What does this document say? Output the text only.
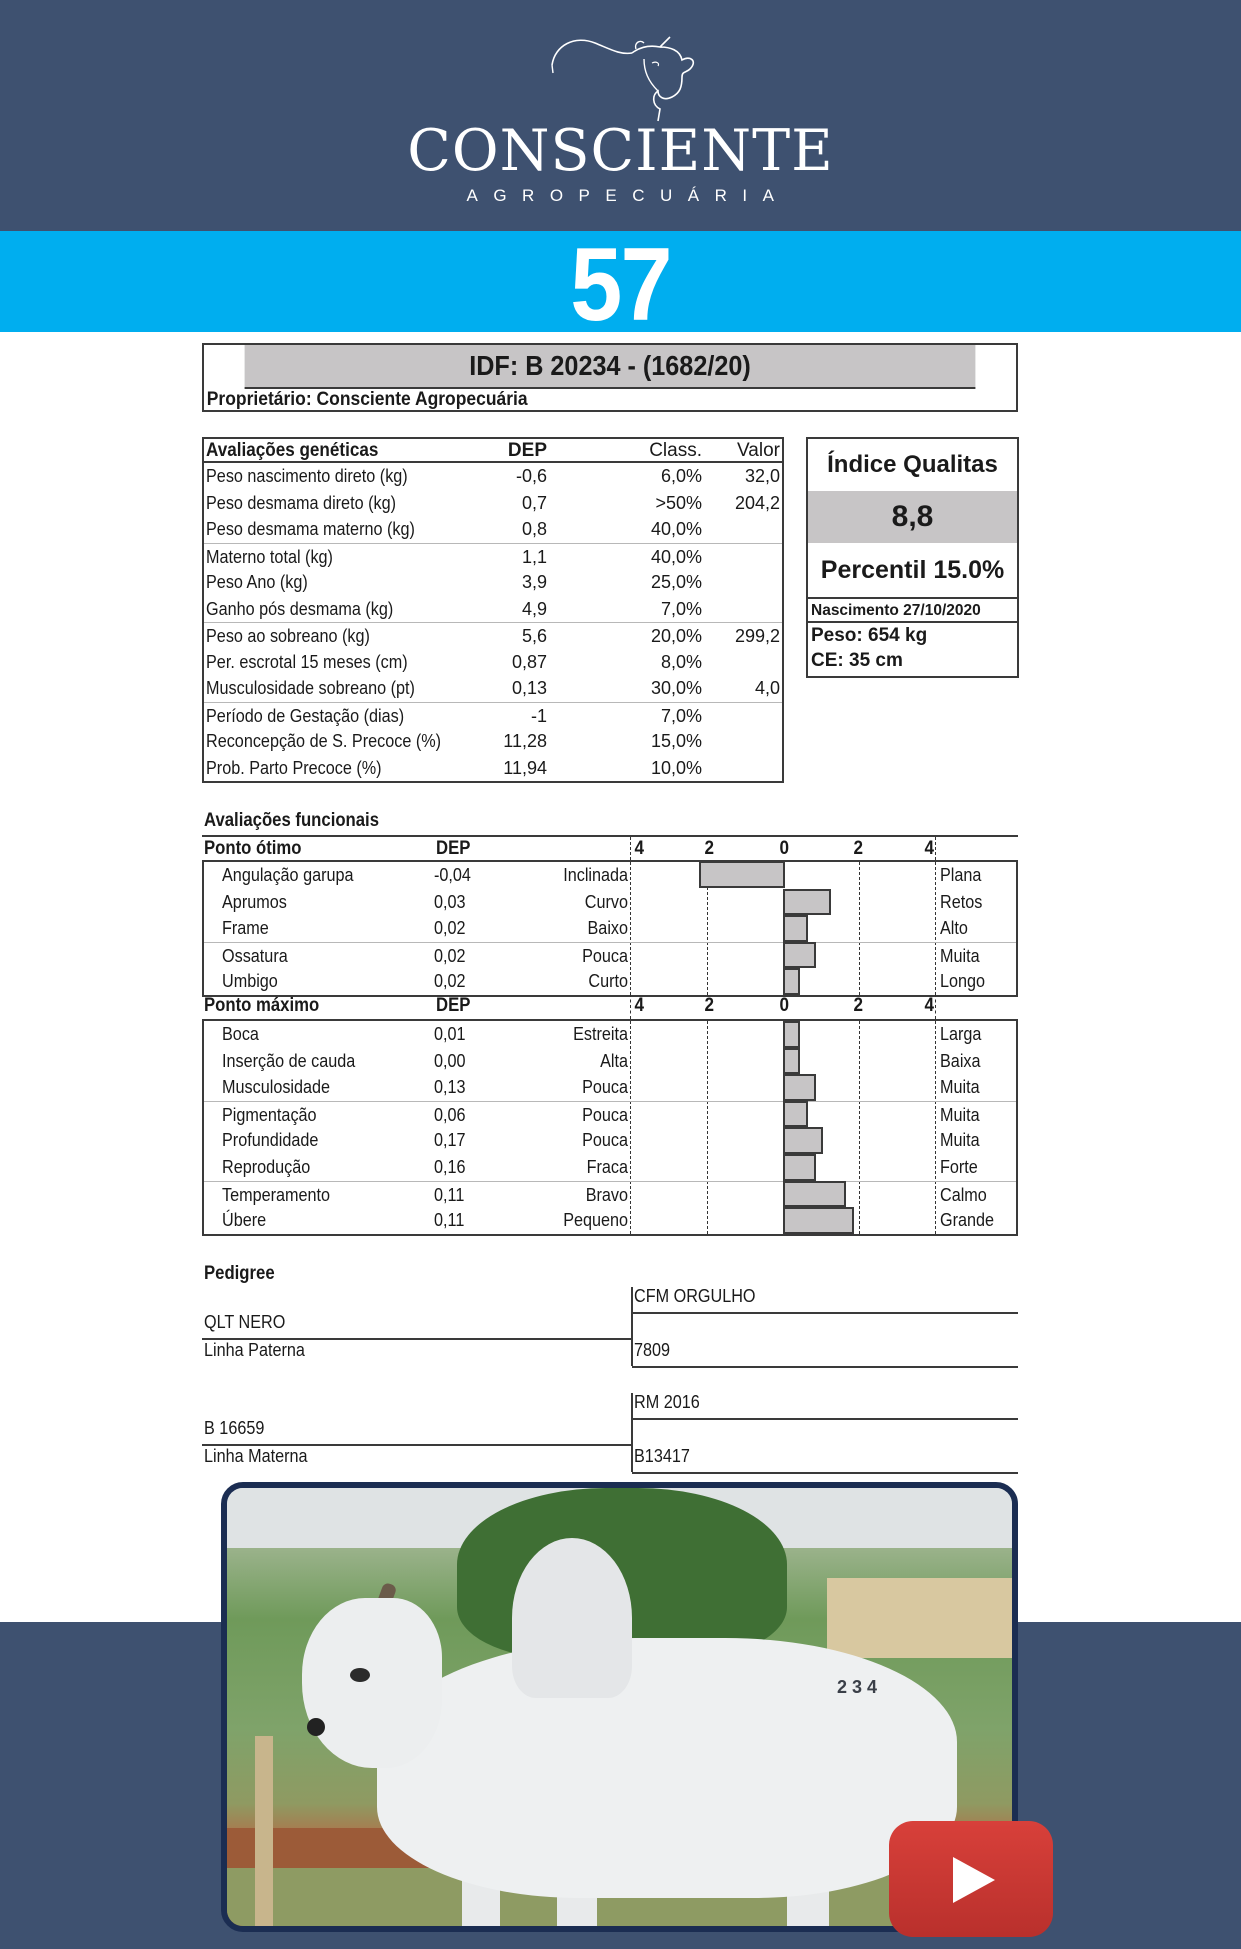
CONSCIENTE
AGROPECUÁRIA
57
IDF: B 20234 - (1682/20)
Proprietário: Consciente Agropecuária
Avaliações genéticas	DEP	Class. Valor
Peso nascimento direto (kg)	-0,6	6,0% 32,0
Peso desmama direto (kg)	0,7	>50% 204,2
Peso desmama materno (kg)	0,8	40,0%
Materno total (kg)	1,1	40,0%
Peso Ano (kg)	3,9	25,0%
Ganho pós desmama (kg)	4,9	7,0%
Peso ao sobreano (kg)	5,6	20,0% 299,2
Per. escrotal 15 meses (cm)	0,87	8,0%
Musculosidade sobreano (pt)	0,13	30,0%	4,0
Período de Gestação (dias)	-1	7,0%
Reconcepção de S. Precoce (%)	11,28	15,0%
Prob. Parto Precoce (%)	11,94	10,0%
Índice Qualitas
8,8
Percentil 15.0%
Nascimento 27/10/2020
Peso: 654 kg
CE: 35 cm
Avaliações funcionais
Ponto ótimo	DEP	4	2	0	2	4
Angulação garupa	-0,04	Inclinada	Plana
Aprumos	0,03	Curvo	Retos
Frame	0,02	Baixo	Alto
Ossatura	0,02	Pouca	Muita
Umbigo	0,02	Curto	Longo
Ponto máximo	DEP	4	2	0	2	4
Boca	0,01	Estreita	Larga
Inserção de cauda	0,00	Alta	Baixa
Musculosidade	0,13	Pouca	Muita
Pigmentação	0,06	Pouca	Muita
Profundidade	0,17	Pouca	Muita
Reprodução	0,16	Fraca	Forte
Temperamento	0,11	Bravo	Calmo
Úbere	0,11	Pequeno	Grande
Pedigree
CFM ORGULHO
QLT NERO
Linha Paterna	7809
RM 2016
B 16659
Linha Materna	B13417
2 3 4
